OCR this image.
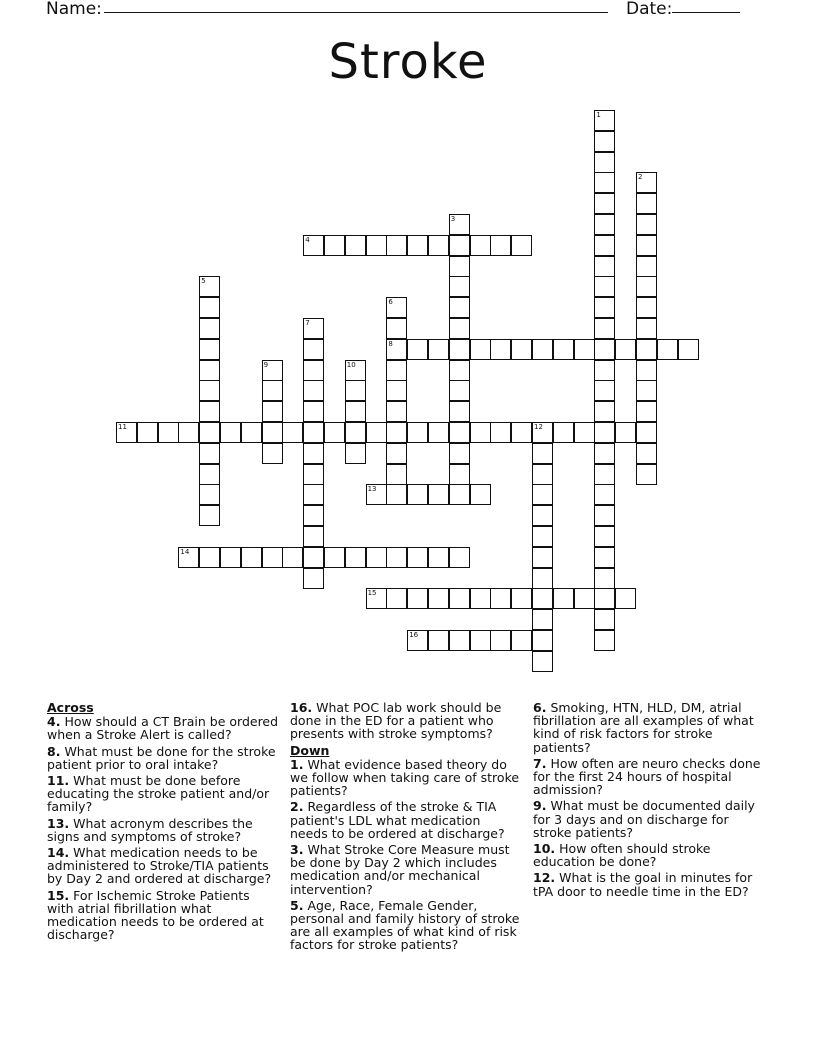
Name:	Date:
Stroke
1
2
3
4
5
6
8
7
9	10
11	12
13
14
15
16
Across
4. How should a CT Brain be ordered when a Stroke Alert is called?
8. What must be done for the stroke patient prior to oral intake?
11. What must be done before educating the stroke patient and/or family?
13. What acronym describes the signs and symptoms of stroke?
14. What medication needs to be administered to Stroke/TIA patients by Day 2 and ordered at discharge?
15. For Ischemic Stroke Patients with atrial fibrillation what medication needs to be ordered at discharge?
16. What POC lab work should be done in the ED for a patient who presents with stroke symptoms?
Down
1. What evidence based theory do we follow when taking care of stroke patients?
2. Regardless of the stroke & TIA patient's LDL what medication needs to be ordered at discharge?
3. What Stroke Core Measure must be done by Day 2 which includes medication and/or mechanical intervention?
5. Age, Race, Female Gender, personal and family history of stroke are all examples of what kind of risk factors for stroke patients?
6. Smoking, HTN, HLD, DM, atrial fibrillation are all examples of what kind of risk factors for stroke patients?
7. How often are neuro checks done for the first 24 hours of hospital admission?
9. What must be documented daily for 3 days and on discharge for stroke patients?
10. How often should stroke education be done?
12. What is the goal in minutes for tPA door to needle time in the ED?
